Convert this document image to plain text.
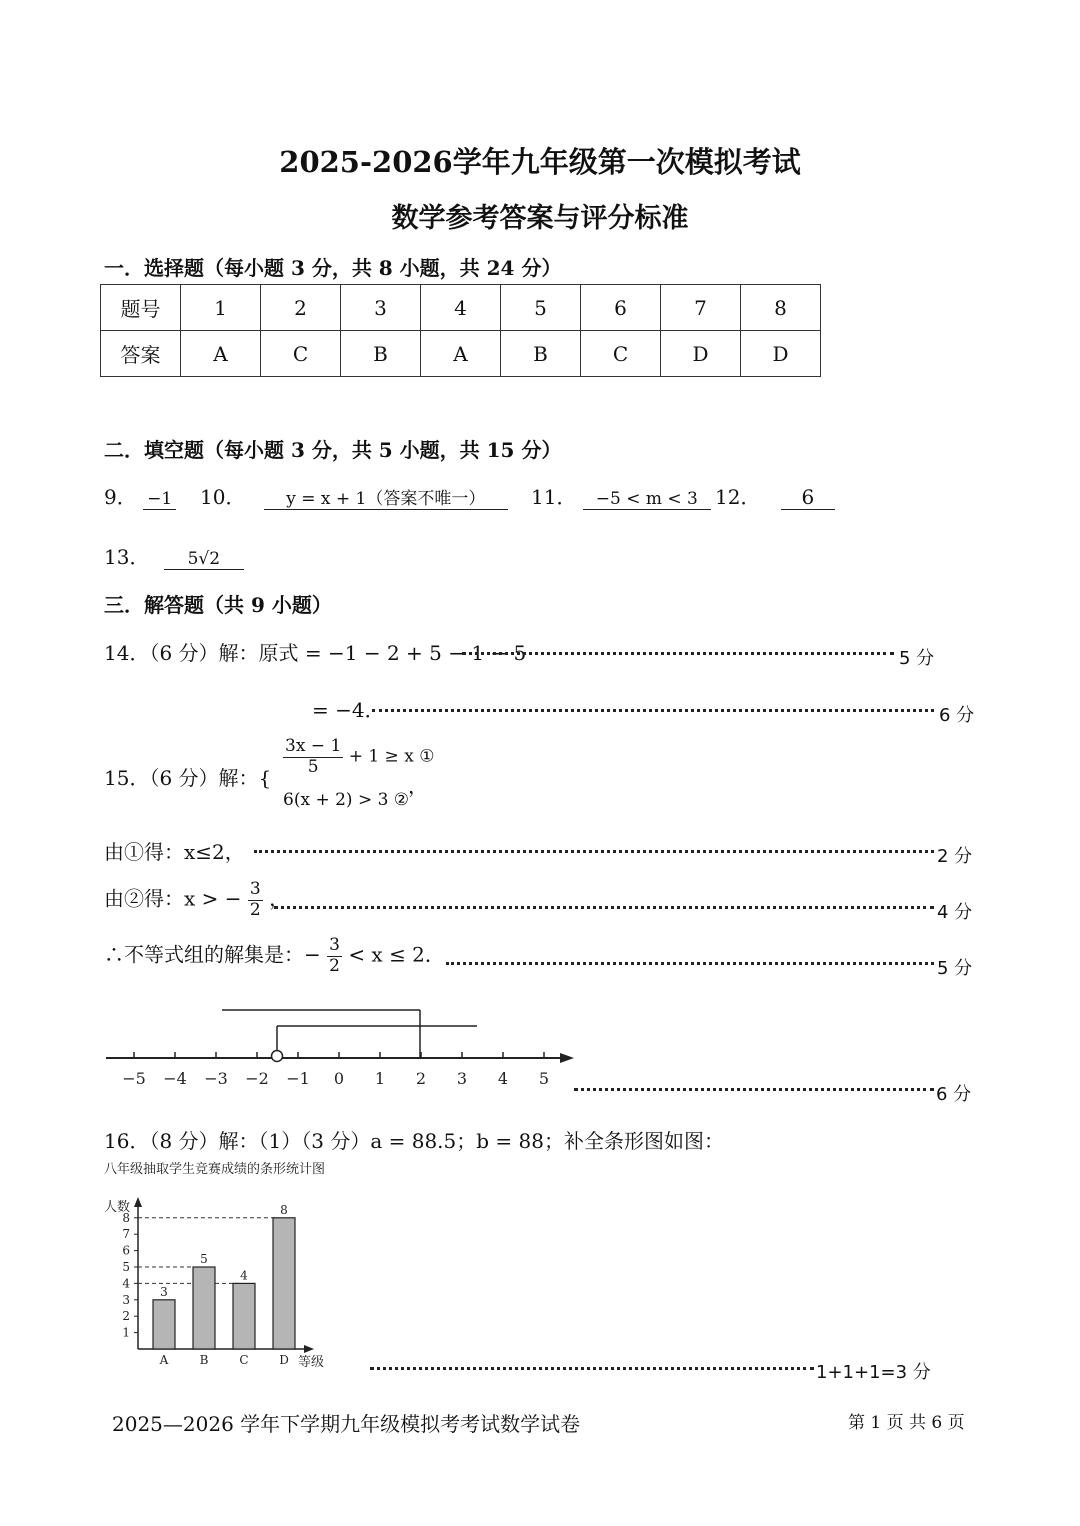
2025-2026学年九年级第一次模拟考试
数学参考答案与评分标准
一．选择题（每小题 3 分，共 8 小题，共 24 分）
题号	1	2	3	4	5	6	7	8
答案	A	C	B	A	B	C	D	D
二．填空题（每小题 3 分，共 5 小题，共 15 分）
9． −1 10． y = x + 1（答案不唯一）	11． −5 < m < 3 12． 6
13． 5√2
三．解答题（共 9 小题）
14．（6 分）解：原式 = −1 − 2 + 5 − 1 − 5	5 分
= −4．	6 分
15．（6 分）解：{
$\frac{3x - 1}{5} + 1 \ge x$ ①
6(x + 2) > 3 ②
，
由①得：x≤2，	2 分
由②得：x > − $\frac{3}{2}$ ，
4 分
∴不等式组的解集是：− $\frac{3}{2} < x \le 2$．
5 分
−5 −4 −3 −2 −1 0 1 2 3 4 5
6 分
16．（8 分）解：（1）（3 分）a = 88.5；b = 88；补全条形图如图：
八年级抽取学生竞赛成绩的条形统计图
人数
等级
1
2
3
4
5
6
7
8
3
A
5
B
4
C
8
D
1+1+1=3 分
2025—2026 学年下学期九年级模拟考考试数学试卷	第 1 页 共 6 页
